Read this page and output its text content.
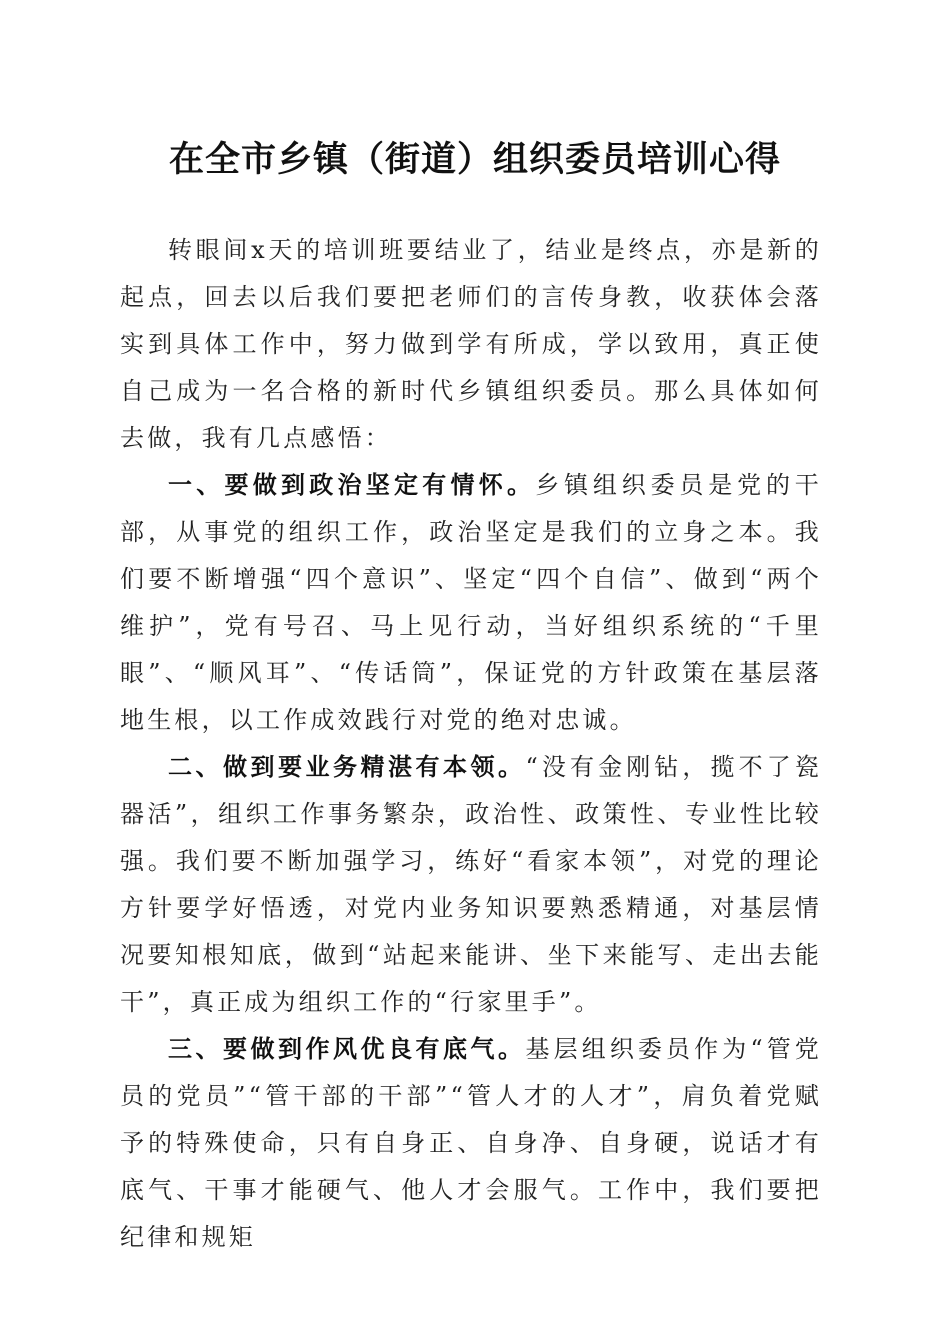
在全市乡镇（街道）组织委员培训心得

转眼间x天的培训班要结业了，结业是终点，亦是新的起点，回去以后我们要把老师们的言传身教，收获体会落实到具体工作中，努力做到学有所成，学以致用，真正使自己成为一名合格的新时代乡镇组织委员。那么具体如何去做，我有几点感悟：

一、要做到政治坚定有情怀。乡镇组织委员是党的干部，从事党的组织工作，政治坚定是我们的立身之本。我们要不断增强“四个意识”、坚定“四个自信”、做到“两个维护”，党有号召、马上见行动，当好组织系统的“千里眼”、“顺风耳”、“传话筒”，保证党的方针政策在基层落地生根，以工作成效践行对党的绝对忠诚。

二、做到要业务精湛有本领。“没有金刚钻，揽不了瓷器活”，组织工作事务繁杂，政治性、政策性、专业性比较强。我们要不断加强学习，练好“看家本领”，对党的理论方针要学好悟透，对党内业务知识要熟悉精通，对基层情况要知根知底，做到“站起来能讲、坐下来能写、走出去能干”，真正成为组织工作的“行家里手”。

三、要做到作风优良有底气。基层组织委员作为“管党员的党员”“管干部的干部”“管人才的人才”，肩负着党赋予的特殊使命，只有自身正、自身净、自身硬，说话才有底气、干事才能硬气、他人才会服气。工作中，我们要把纪律和规矩
